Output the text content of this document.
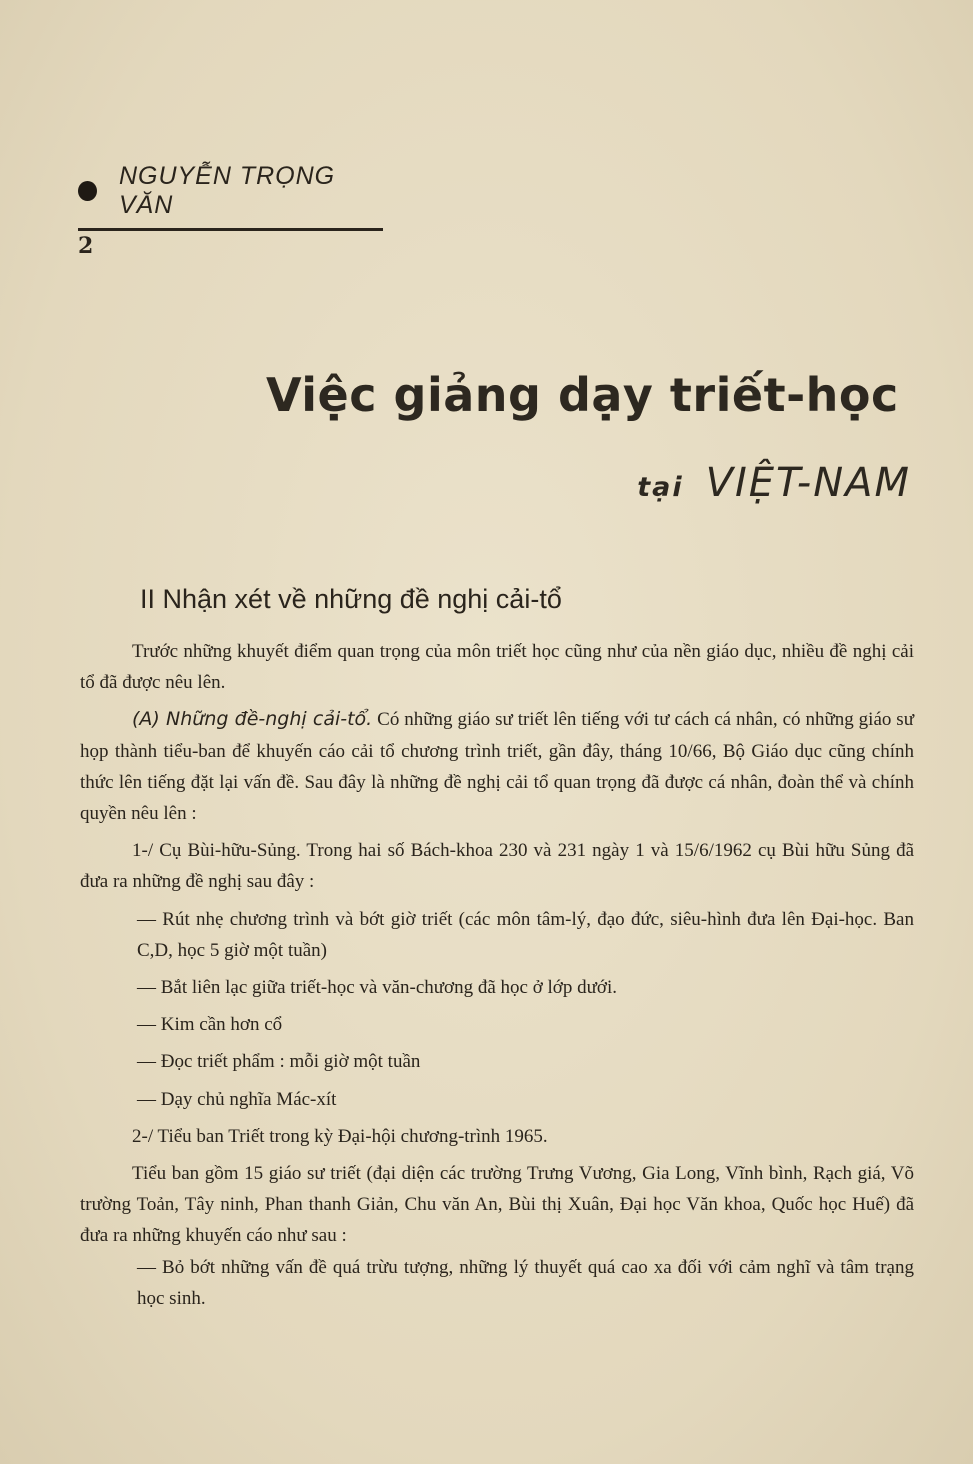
NGUYỄN TRỌNG VĂN
2
Việc giảng dạy triết-học
tại VIỆT-NAM
II Nhận xét về những đề nghị cải-tổ
Trước những khuyết điểm quan trọng của môn triết học cũng như của nền giáo dục, nhiều đề nghị cải tổ đã được nêu lên.
(A) Những đề-nghị cải-tổ. Có những giáo sư triết lên tiếng với tư cách cá nhân, có những giáo sư họp thành tiểu-ban để khuyến cáo cải tổ chương trình triết, gần đây, tháng 10/66, Bộ Giáo dục cũng chính thức lên tiếng đặt lại vấn đề. Sau đây là những đề nghị cải tổ quan trọng đã được cá nhân, đoàn thể và chính quyền nêu lên :
1-/ Cụ Bùi-hữu-Sủng. Trong hai số Bách-khoa 230 và 231 ngày 1 và 15/6/1962 cụ Bùi hữu Sủng đã đưa ra những đề nghị sau đây :
— Rút nhẹ chương trình và bớt giờ triết (các môn tâm-lý, đạo đức, siêu-hình đưa lên Đại-học. Ban C,D, học 5 giờ một tuần)
— Bắt liên lạc giữa triết-học và văn-chương đã học ở lớp dưới.
— Kim cần hơn cổ
— Đọc triết phẩm : mỗi giờ một tuần
— Dạy chủ nghĩa Mác-xít
2-/ Tiểu ban Triết trong kỳ Đại-hội chương-trình 1965.
Tiểu ban gồm 15 giáo sư triết (đại diện các trường Trưng Vương, Gia Long, Vĩnh bình, Rạch giá, Võ trường Toản, Tây ninh, Phan thanh Giản, Chu văn An, Bùi thị Xuân, Đại học Văn khoa, Quốc học Huế) đã đưa ra những khuyến cáo như sau :
— Bỏ bớt những vấn đề quá trừu tượng, những lý thuyết quá cao xa đối với cảm nghĩ và tâm trạng học sinh.
